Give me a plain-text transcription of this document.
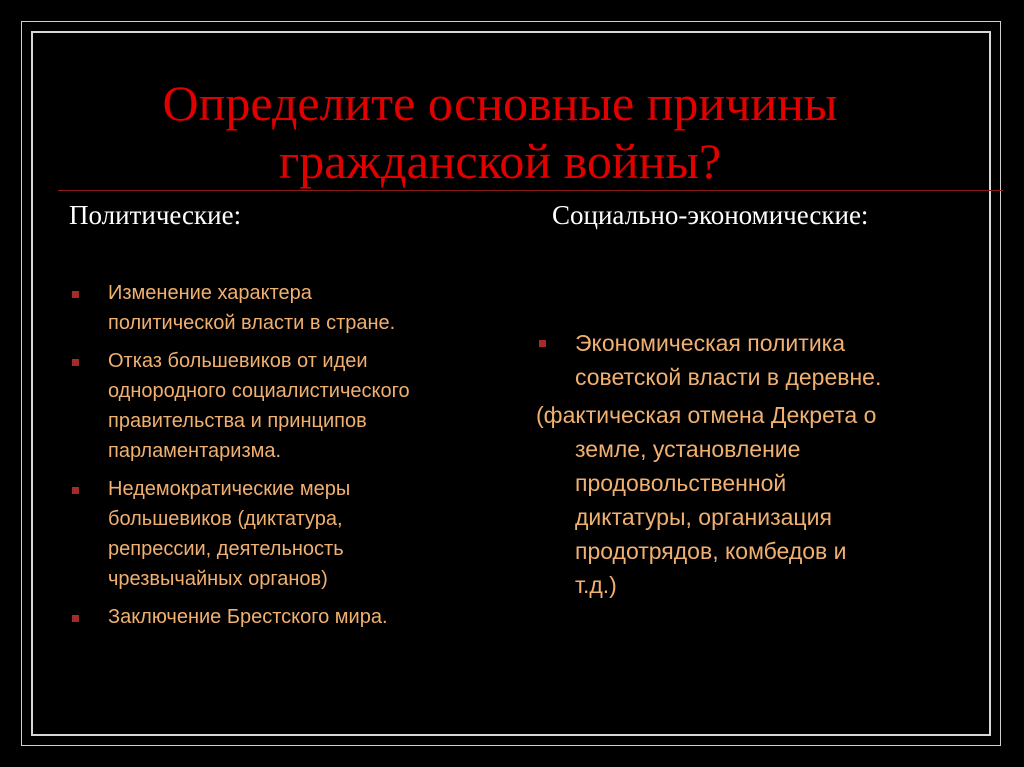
Определите основные причины
гражданской войны?
Политические:	Социально-экономические:
Изменение характера
политической власти в стране.
Отказ большевиков от идеи
однородного социалистического
правительства и принципов
парламентаризма.
Недемократические меры
большевиков (диктатура,
репрессии, деятельность
чрезвычайных органов)
Заключение Брестского мира.
Экономическая политика
советской власти в деревне.
(фактическая отмена Декрета о
земле, установление
продовольственной
диктатуры, организация
продотрядов, комбедов и
т.д.)
